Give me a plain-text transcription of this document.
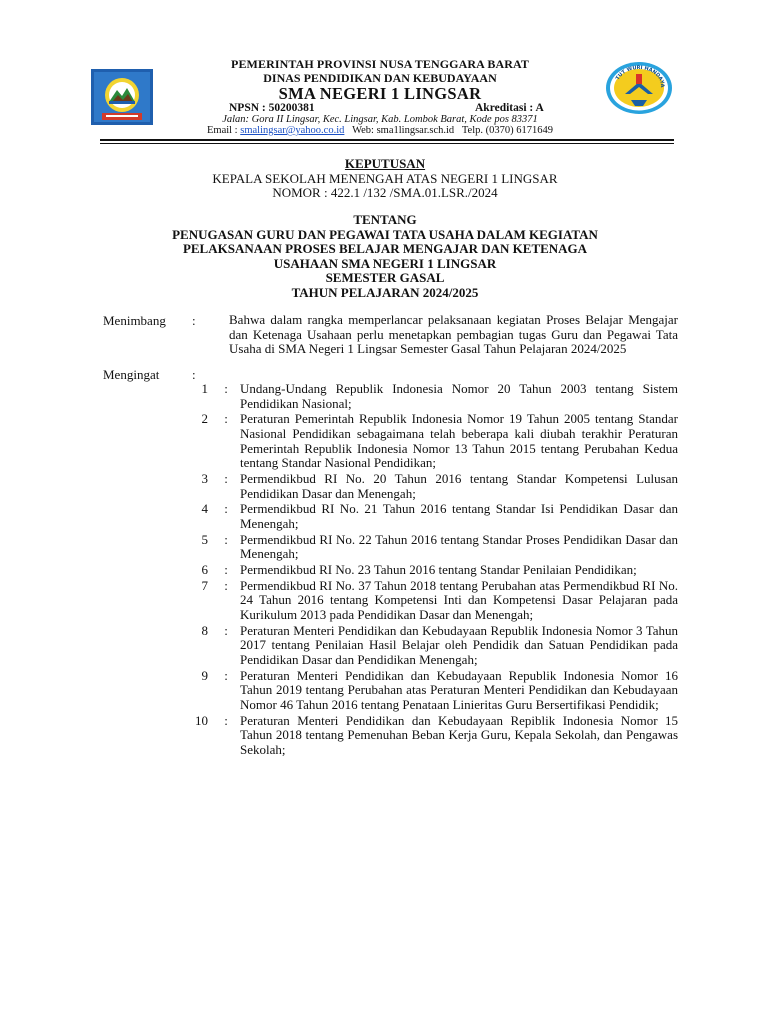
TUT WURI HANDAYA
PEMERINTAH PROVINSI NUSA TENGGARA BARAT
DINAS PENDIDIKAN DAN KEBUDAYAAN
SMA NEGERI 1 LINGSAR
NPSN : 50200381	Akreditasi : A
Jalan: Gora II Lingsar, Kec. Lingsar, Kab. Lombok Barat, Kode pos 83371
Email : smalingsar@yahoo.co.id   Web: sma1lingsar.sch.id   Telp. (0370) 6171649
KEPUTUSAN
KEPALA SEKOLAH MENENGAH ATAS NEGERI 1 LINGSAR
NOMOR : 422.1 /132 /SMA.01.LSR./2024
TENTANG
PENUGASAN GURU DAN PEGAWAI TATA USAHA DALAM KEGIATAN
PELAKSANAAN PROSES BELAJAR MENGAJAR DAN KETENAGA
USAHAAN SMA NEGERI 1 LINGSAR
SEMESTER GASAL
TAHUN PELAJARAN 2024/2025
Menimbang :	Bahwa dalam rangka memperlancar pelaksanaan kegiatan Proses Belajar Mengajar dan Ketenaga Usahaan perlu menetapkan pembagian tugas Guru dan Pegawai Tata Usaha di SMA Negeri 1 Lingsar Semester Gasal Tahun Pelajaran 2024/2025
Mengingat	:
1	: Undang-Undang Republik Indonesia Nomor 20 Tahun 2003 tentang Sistem Pendidikan Nasional;
2	: Peraturan Pemerintah Republik Indonesia Nomor 19 Tahun 2005 tentang Standar Nasional Pendidikan sebagaimana telah beberapa kali diubah terakhir Peraturan Pemerintah Republik Indonesia Nomor 13 Tahun 2015 tentang Perubahan Kedua tentang Standar Nasional Pendidikan;
3	: Permendikbud RI No. 20 Tahun 2016 tentang Standar Kompetensi Lulusan Pendidikan Dasar dan Menengah;
4	: Permendikbud RI No. 21 Tahun 2016 tentang Standar Isi Pendidikan Dasar dan Menengah;
5	: Permendikbud RI No. 22 Tahun 2016 tentang Standar Proses Pendidikan Dasar dan Menengah;
6	: Permendikbud RI No. 23 Tahun 2016 tentang Standar Penilaian Pendidikan;
7	: Permendikbud RI No. 37 Tahun 2018 tentang Perubahan atas Permendikbud RI No. 24 Tahun 2016 tentang Kompetensi Inti dan Kompetensi Dasar Pelajaran pada Kurikulum 2013 pada Pendidikan Dasar dan Menengah;
8	: Peraturan Menteri Pendidikan dan Kebudayaan Republik Indonesia Nomor 3 Tahun 2017 tentang Penilaian Hasil Belajar oleh Pendidik dan Satuan Pendidikan pada Pendidikan Dasar dan Pendidikan Menengah;
9	: Peraturan Menteri Pendidikan dan Kebudayaan Republik Indonesia Nomor 16 Tahun 2019 tentang Perubahan atas Peraturan Menteri Pendidikan dan Kebudayaan Nomor 46 Tahun 2016 tentang Penataan Linieritas Guru Bersertifikasi Pendidik;
10	: Peraturan Menteri Pendidikan dan Kebudayaan Repiblik Indonesia Nomor 15 Tahun 2018 tentang Pemenuhan Beban Kerja Guru, Kepala Sekolah, dan Pengawas Sekolah;
